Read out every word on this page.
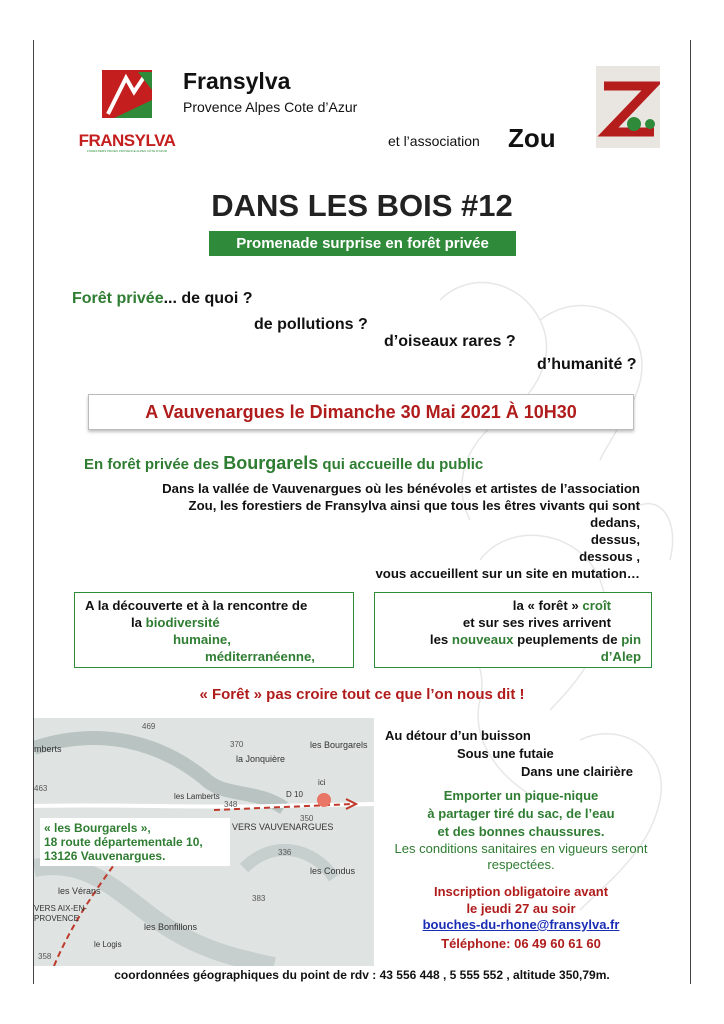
FRANSYLVA
FORESTIERS PRIVÉS PROVENCE ALPES CÔTE D'AZUR
Fransylva
Provence Alpes Cote d’Azur
et l’association Zou
DANS LES BOIS #12
Promenade surprise en forêt privée
Forêt privée... de quoi ?
de pollutions ?
d’oiseaux rares ?
d’humanité ?
A Vauvenargues le Dimanche 30 Mai 2021 À 10H30
En forêt privée des Bourgarels qui accueille du public
Dans la vallée de Vauvenargues où les bénévoles et artistes de l’association
Zou, les forestiers de Fransylva ainsi que tous les êtres vivants qui sont
dedans,
dessus,
dessous ,
vous accueillent sur un site en mutation…
A la découverte et à la rencontre de
la biodiversité
humaine,
méditerranéenne,
la « forêt » croît
et sur ses rives arrivent
les nouveaux peuplements de pin
d’Alep
« Forêt » pas croire tout ce que l’on nous dit !
469
mberts	370	les Bourgarels
la Jonquière
463
ici
les Lamberts	D 10
348
350
VERS VAUVENARGUES
336
les Condus
les Vérans
VERS AIX-EN-
PROVENCE
les Bonfillons
383
le Logis
358
« les Bourgarels »,
18 route départementale 10,
13126 Vauvenargues.
Au détour d’un buisson
Sous une futaie
Dans une clairière
Emporter un pique-nique
à partager tiré du sac, de l’eau
et des bonnes chaussures.
Les conditions sanitaires en vigueurs seront
respectées.
Inscription obligatoire avant
le jeudi 27 au soir
bouches-du-rhone@fransylva.fr
Téléphone: 06 49 60 61 60
coordonnées géographiques du point de rdv : 43 556 448 , 5 555 552 , altitude 350,79m.
